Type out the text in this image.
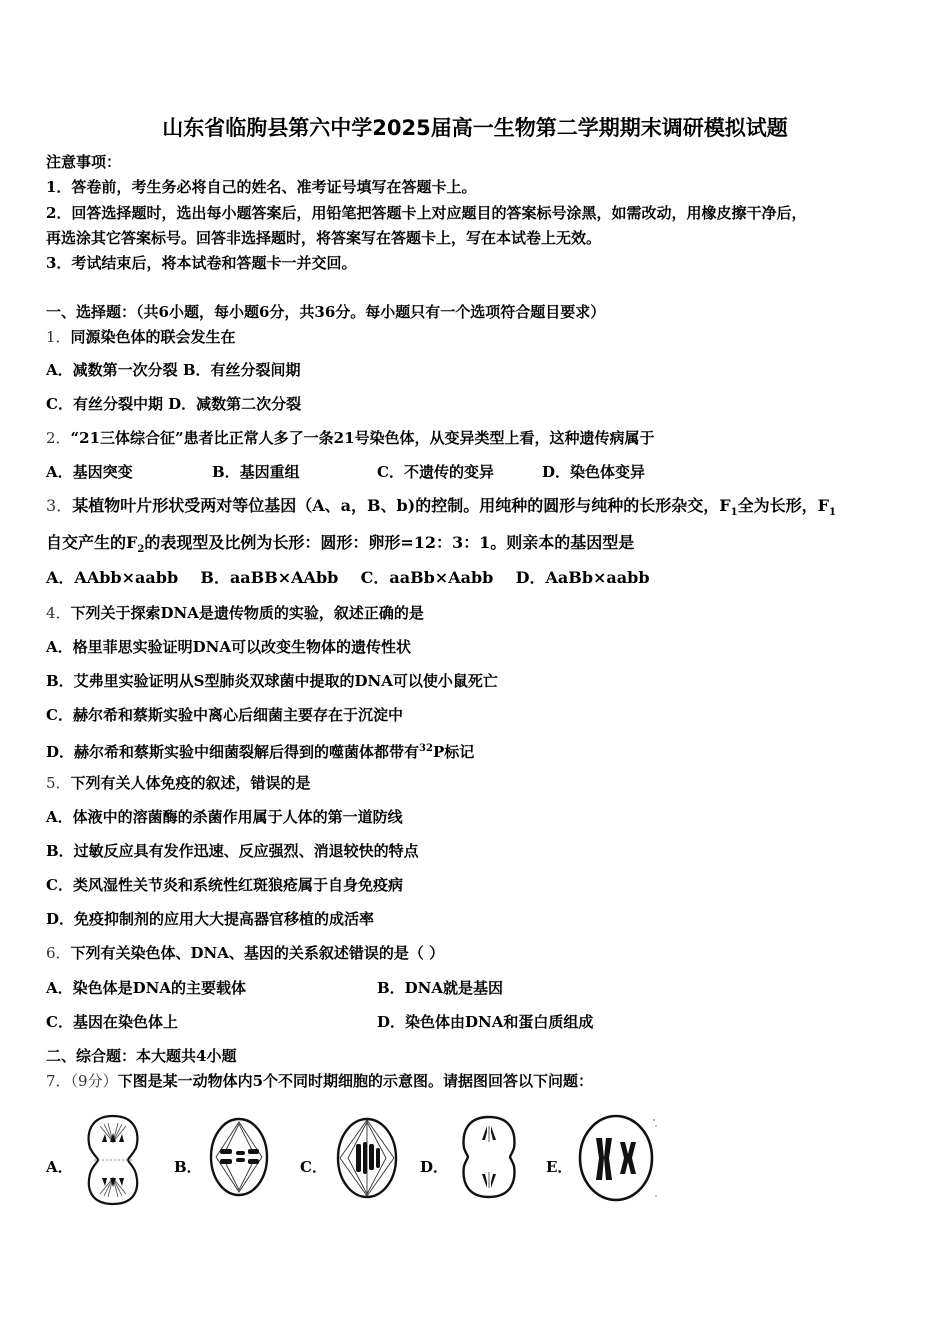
山东省临朐县第六中学2025届高一生物第二学期期末调研模拟试题
注意事项：
1．答卷前，考生务必将自己的姓名、准考证号填写在答题卡上。
2．回答选择题时，选出每小题答案后，用铅笔把答题卡上对应题目的答案标号涂黑，如需改动，用橡皮擦干净后，
再选涂其它答案标号。回答非选择题时，将答案写在答题卡上，写在本试卷上无效。
3．考试结束后，将本试卷和答题卡一并交回。
一、选择题：（共6小题，每小题6分，共36分。每小题只有一个选项符合题目要求）
1．同源染色体的联会发生在
A．减数第一次分裂 B．有丝分裂间期
C．有丝分裂中期 D．减数第二次分裂
2．“21三体综合征”患者比正常人多了一条21号染色体，从变异类型上看，这种遗传病属于
A．基因突变	B．基因重组	C．不遗传的变异	D．染色体变异
3．某植物叶片形状受两对等位基因（A、a，B、b)的控制。用纯种的圆形与纯种的长形杂交，$F_1$全为长形，$F_1$
自交产生的$F_2$的表现型及比例为长形：圆形：卵形=12：3：1。则亲本的基因型是
A．AAbb×aabb    B．aaBB×AAbb    C．aaBb×Aabb    D．AaBb×aabb
4．下列关于探索DNA是遗传物质的实验，叙述正确的是
A．格里菲思实验证明DNA可以改变生物体的遗传性状
B．艾弗里实验证明从S型肺炎双球菌中提取的DNA可以使小鼠死亡
C．赫尔希和蔡斯实验中离心后细菌主要存在于沉淀中
D．赫尔希和蔡斯实验中细菌裂解后得到的噬菌体都带有$^{32}$P标记
5．下列有关人体免疫的叙述，错误的是
A．体液中的溶菌酶的杀菌作用属于人体的第一道防线
B．过敏反应具有发作迅速、反应强烈、消退较快的特点
C．类风湿性关节炎和系统性红斑狼疮属于自身免疫病
D．免疫抑制剂的应用大大提高器官移植的成活率
6．下列有关染色体、DNA、基因的关系叙述错误的是（ ）
A．染色体是DNA的主要载体	B．DNA就是基因
C．基因在染色体上	D．染色体由DNA和蛋白质组成
二、综合题：本大题共4小题
7．（9分）下图是某一动物体内5个不同时期细胞的示意图。请据图回答以下问题：
A．	B．	C．	D．	E．
